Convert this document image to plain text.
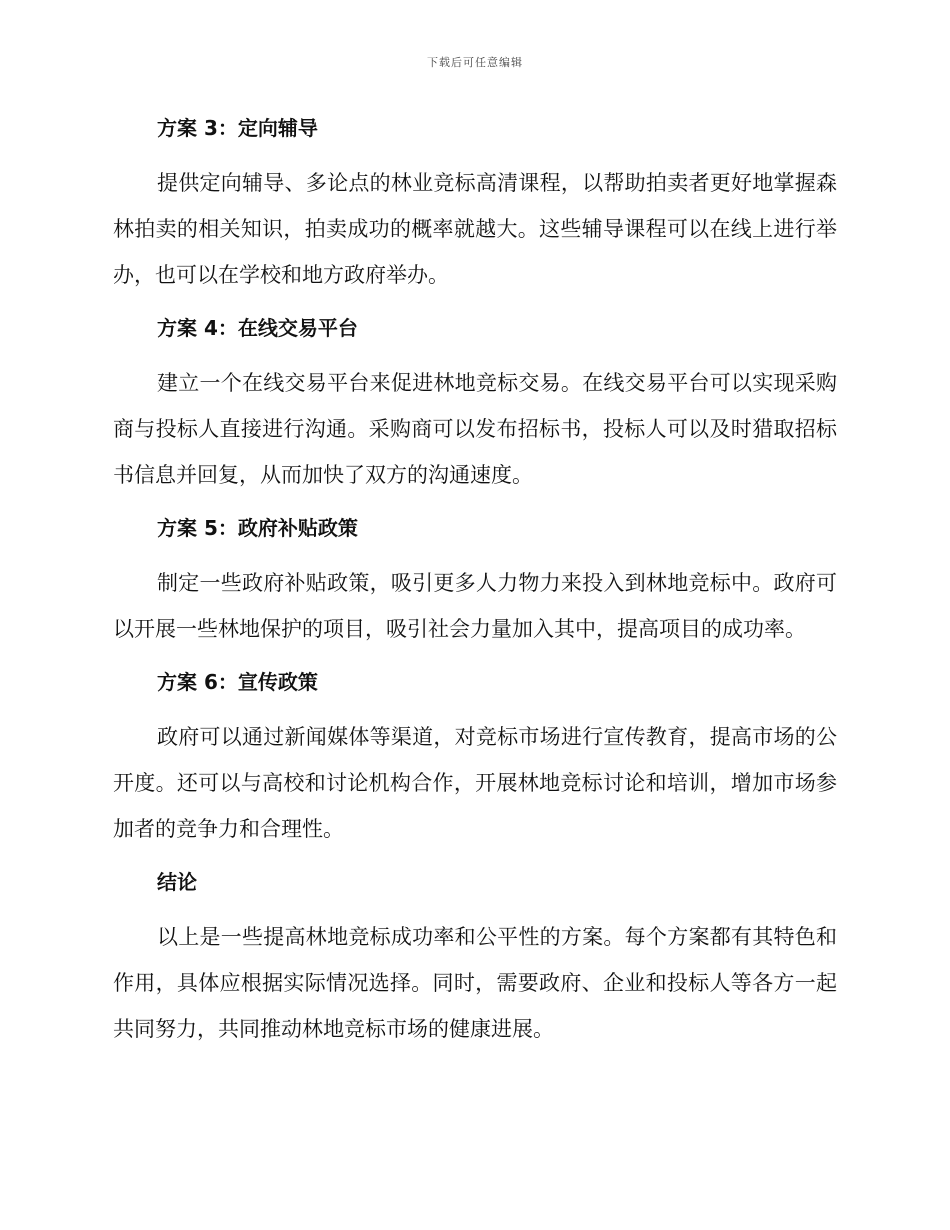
下载后可任意编辑
方案 3：定向辅导

提供定向辅导、多论点的林业竞标高清课程，以帮助拍卖者更好地掌握森林拍卖的相关知识，拍卖成功的概率就越大。这些辅导课程可以在线上进行举办，也可以在学校和地方政府举办。

方案 4：在线交易平台

建立一个在线交易平台来促进林地竞标交易。在线交易平台可以实现采购商与投标人直接进行沟通。采购商可以发布招标书，投标人可以及时猎取招标书信息并回复，从而加快了双方的沟通速度。

方案 5：政府补贴政策

制定一些政府补贴政策，吸引更多人力物力来投入到林地竞标中。政府可以开展一些林地保护的项目，吸引社会力量加入其中，提高项目的成功率。

方案 6：宣传政策

政府可以通过新闻媒体等渠道，对竞标市场进行宣传教育，提高市场的公开度。还可以与高校和讨论机构合作，开展林地竞标讨论和培训，增加市场参加者的竞争力和合理性。

结论

以上是一些提高林地竞标成功率和公平性的方案。每个方案都有其特色和作用，具体应根据实际情况选择。同时，需要政府、企业和投标人等各方一起共同努力，共同推动林地竞标市场的健康进展。
